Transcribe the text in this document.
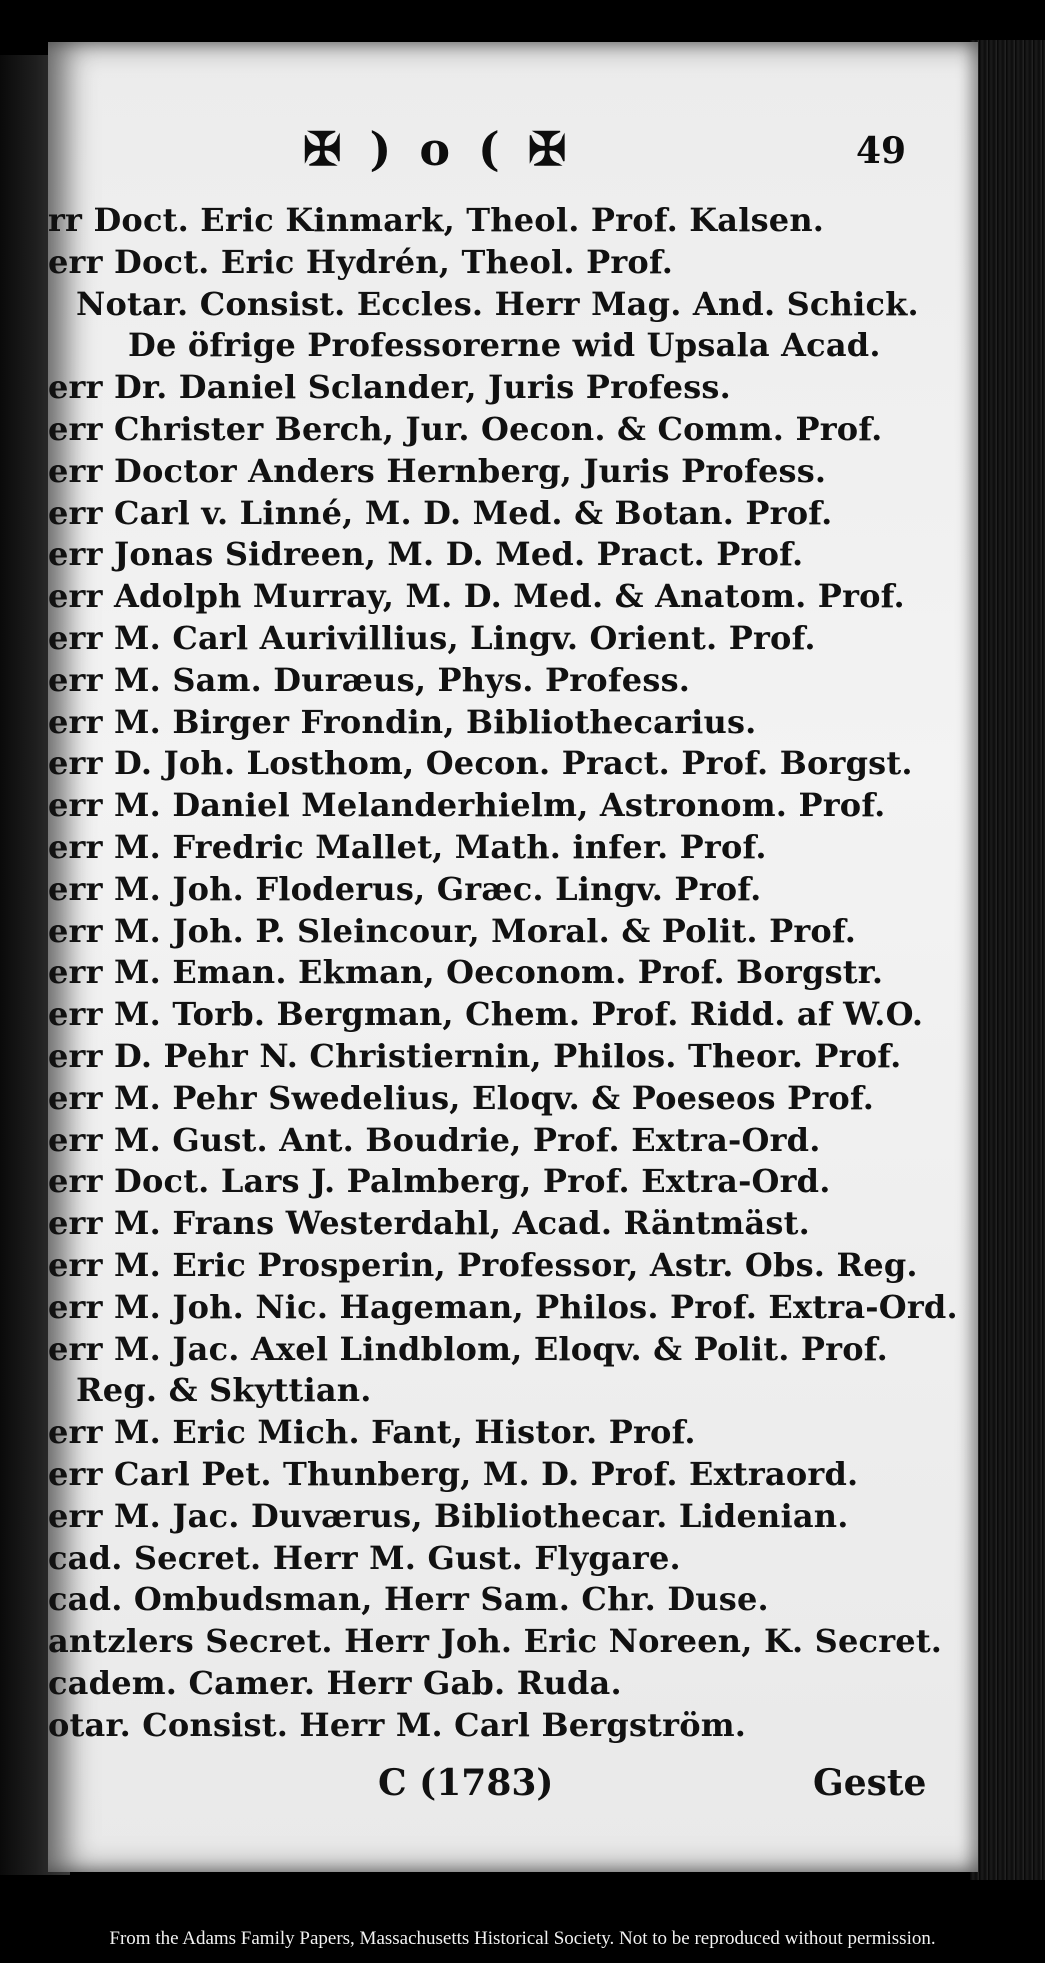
✠ ) o ( ✠	49
rr Doct. Eric Kinmark, Theol. Prof. Kalsen.
err Doct. Eric Hydrén, Theol. Prof.
Notar. Consist. Eccles. Herr Mag. And. Schick.
De öfrige Professorerne wid Upsala Acad.
err Dr. Daniel Sclander, Juris Profess.
err Christer Berch, Jur. Oecon. & Comm. Prof.
err Doctor Anders Hernberg, Juris Profess.
err Carl v. Linné, M. D. Med. & Botan. Prof.
err Jonas Sidreen, M. D. Med. Pract. Prof.
err Adolph Murray, M. D. Med. & Anatom. Prof.
err M. Carl Aurivillius, Lingv. Orient. Prof.
err M. Sam. Duræus, Phys. Profess.
err M. Birger Frondin, Bibliothecarius.
err D. Joh. Losthom, Oecon. Pract. Prof. Borgst.
err M. Daniel Melanderhielm, Astronom. Prof.
err M. Fredric Mallet, Math. infer. Prof.
err M. Joh. Floderus, Græc. Lingv. Prof.
err M. Joh. P. Sleincour, Moral. & Polit. Prof.
err M. Eman. Ekman, Oeconom. Prof. Borgstr.
err M. Torb. Bergman, Chem. Prof. Ridd. af W.O.
err D. Pehr N. Christiernin, Philos. Theor. Prof.
err M. Pehr Swedelius, Eloqv. & Poeseos Prof.
err M. Gust. Ant. Boudrie, Prof. Extra-Ord.
err Doct. Lars J. Palmberg, Prof. Extra-Ord.
err M. Frans Westerdahl, Acad. Räntmäst.
err M. Eric Prosperin, Professor, Astr. Obs. Reg.
err M. Joh. Nic. Hageman, Philos. Prof. Extra-Ord.
err M. Jac. Axel Lindblom, Eloqv. & Polit. Prof.
Reg. & Skyttian.
err M. Eric Mich. Fant, Histor. Prof.
err Carl Pet. Thunberg, M. D. Prof. Extraord.
err M. Jac. Duværus, Bibliothecar. Lidenian.
cad. Secret. Herr M. Gust. Flygare.
cad. Ombudsman, Herr Sam. Chr. Duse.
antzlers Secret. Herr Joh. Eric Noreen, K. Secret.
cadem. Camer. Herr Gab. Ruda.
otar. Consist. Herr M. Carl Bergström.
C (1783)	Geste
From the Adams Family Papers, Massachusetts Historical Society. Not to be reproduced without permission.
